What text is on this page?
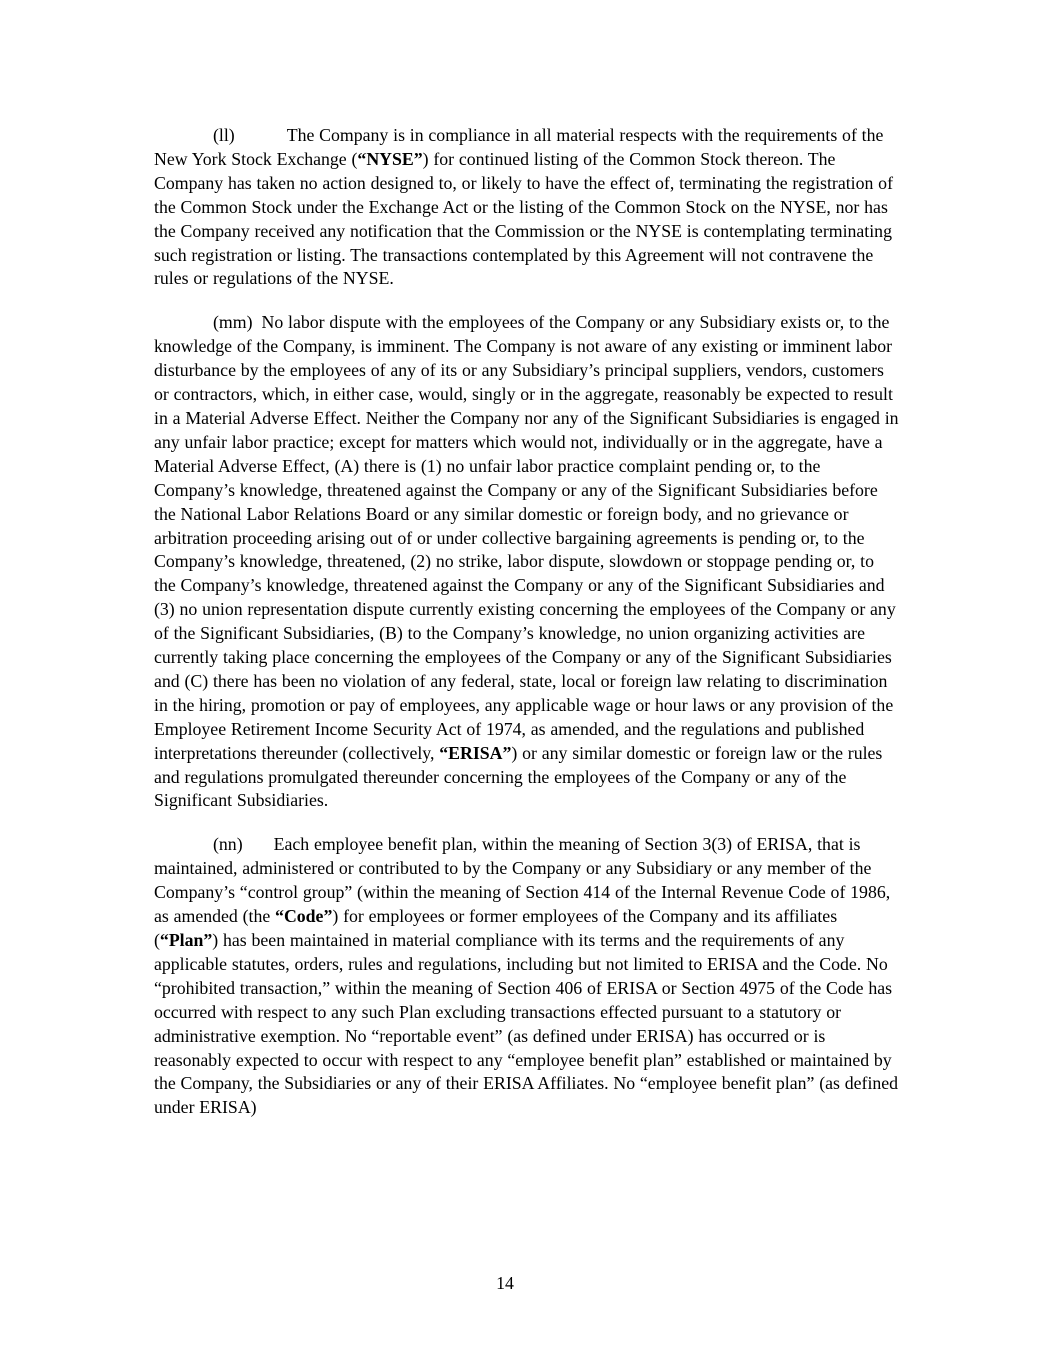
(ll)	The Company is in compliance in all material respects with the requirements of the New York Stock Exchange (“NYSE”) for continued listing of the Common Stock thereon. The Company has taken no action designed to, or likely to have the effect of, terminating the registration of the Common Stock under the Exchange Act or the listing of the Common Stock on the NYSE, nor has the Company received any notification that the Commission or the NYSE is contemplating terminating such registration or listing. The transactions contemplated by this Agreement will not contravene the rules or regulations of the NYSE.

(mm) No labor dispute with the employees of the Company or any Subsidiary exists or, to the knowledge of the Company, is imminent. The Company is not aware of any existing or imminent labor disturbance by the employees of any of its or any Subsidiary’s principal suppliers, vendors, customers or contractors, which, in either case, would, singly or in the aggregate, reasonably be expected to result in a Material Adverse Effect. Neither the Company nor any of the Significant Subsidiaries is engaged in any unfair labor practice; except for matters which would not, individually or in the aggregate, have a Material Adverse Effect, (A) there is (1) no unfair labor practice complaint pending or, to the Company’s knowledge, threatened against the Company or any of the Significant Subsidiaries before the National Labor Relations Board or any similar domestic or foreign body, and no grievance or arbitration proceeding arising out of or under collective bargaining agreements is pending or, to the Company’s knowledge, threatened, (2) no strike, labor dispute, slowdown or stoppage pending or, to the Company’s knowledge, threatened against the Company or any of the Significant Subsidiaries and (3) no union representation dispute currently existing concerning the employees of the Company or any of the Significant Subsidiaries, (B) to the Company’s knowledge, no union organizing activities are currently taking place concerning the employees of the Company or any of the Significant Subsidiaries and (C) there has been no violation of any federal, state, local or foreign law relating to discrimination in the hiring, promotion or pay of employees, any applicable wage or hour laws or any provision of the Employee Retirement Income Security Act of 1974, as amended, and the regulations and published interpretations thereunder (collectively, “ERISA”) or any similar domestic or foreign law or the rules and regulations promulgated thereunder concerning the employees of the Company or any of the Significant Subsidiaries.

(nn) Each employee benefit plan, within the meaning of Section 3(3) of ERISA, that is maintained, administered or contributed to by the Company or any Subsidiary or any member of the Company’s “control group” (within the meaning of Section 414 of the Internal Revenue Code of 1986, as amended (the “Code”) for employees or former employees of the Company and its affiliates (“Plan”) has been maintained in material compliance with its terms and the requirements of any applicable statutes, orders, rules and regulations, including but not limited to ERISA and the Code. No “prohibited transaction,” within the meaning of Section 406 of ERISA or Section 4975 of the Code has occurred with respect to any such Plan excluding transactions effected pursuant to a statutory or administrative exemption. No “reportable event” (as defined under ERISA) has occurred or is reasonably expected to occur with respect to any “employee benefit plan” established or maintained by the Company, the Subsidiaries or any of their ERISA Affiliates. No “employee benefit plan” (as defined under ERISA)

14
